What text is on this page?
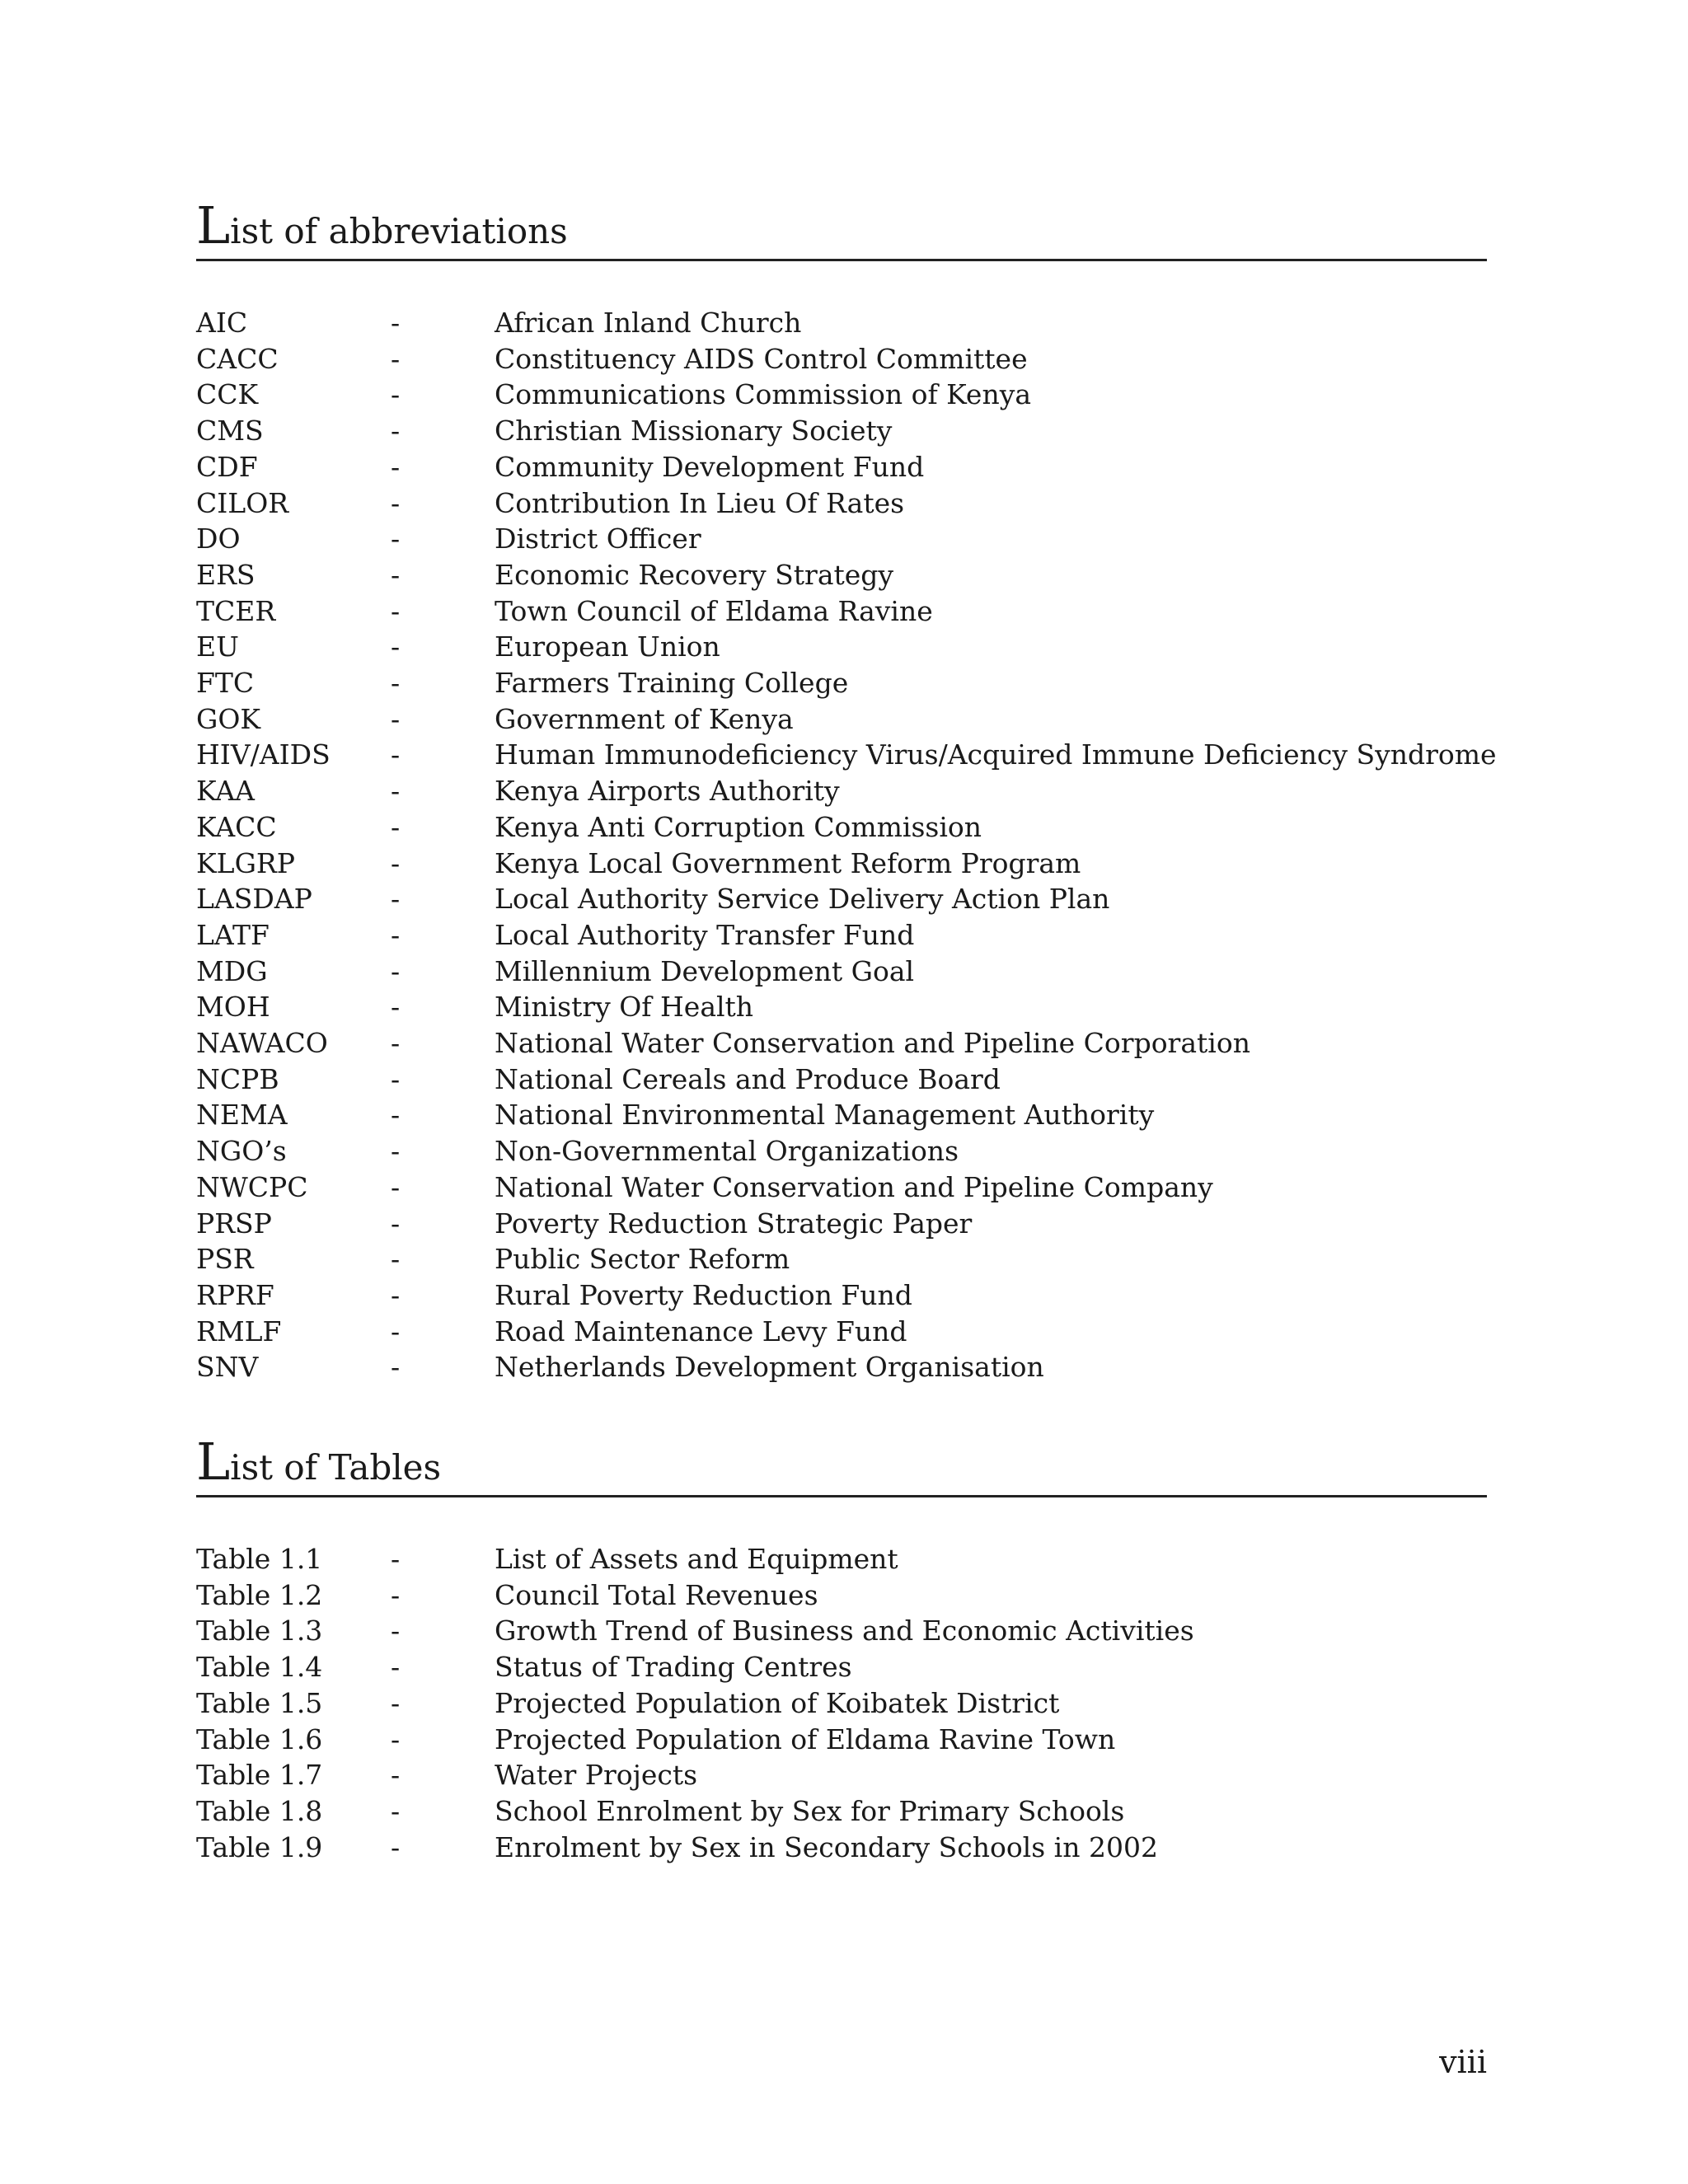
List of abbreviations
AIC	-	African Inland Church
CACC	-	Constituency AIDS Control Committee
CCK	-	Communications Commission of Kenya
CMS	-	Christian Missionary Society
CDF	-	Community Development Fund
CILOR	-	Contribution In Lieu Of Rates
DO	-	District Officer
ERS	-	Economic Recovery Strategy
TCER	-	Town Council of Eldama Ravine
EU	-	European Union
FTC	-	Farmers Training College
GOK	-	Government of Kenya
HIV/AIDS -	Human Immunodeficiency Virus/Acquired Immune Deficiency Syndrome
KAA	-	Kenya Airports Authority
KACC	-	Kenya Anti Corruption Commission
KLGRP	-	Kenya Local Government Reform Program
LASDAP	-	Local Authority Service Delivery Action Plan
LATF	-	Local Authority Transfer Fund
MDG	-	Millennium Development Goal
MOH	-	Ministry Of Health
NAWACO -	National Water Conservation and Pipeline Corporation
NCPB	-	National Cereals and Produce Board
NEMA	-	National Environmental Management Authority
NGO’s	-	Non-Governmental Organizations
NWCPC	-	National Water Conservation and Pipeline Company
PRSP	-	Poverty Reduction Strategic Paper
PSR	-	Public Sector Reform
RPRF	-	Rural Poverty Reduction Fund
RMLF	-	Road Maintenance Levy Fund
SNV	-	Netherlands Development Organisation
List of Tables
Table 1.1	-	List of Assets and Equipment
Table 1.2	-	Council Total Revenues
Table 1.3	-	Growth Trend of Business and Economic Activities
Table 1.4	-	Status of Trading Centres
Table 1.5	-	Projected Population of Koibatek District
Table 1.6	-	Projected Population of Eldama Ravine Town
Table 1.7	-	Water Projects
Table 1.8	-	School Enrolment by Sex for Primary Schools
Table 1.9	-	Enrolment by Sex in Secondary Schools in 2002
viii
